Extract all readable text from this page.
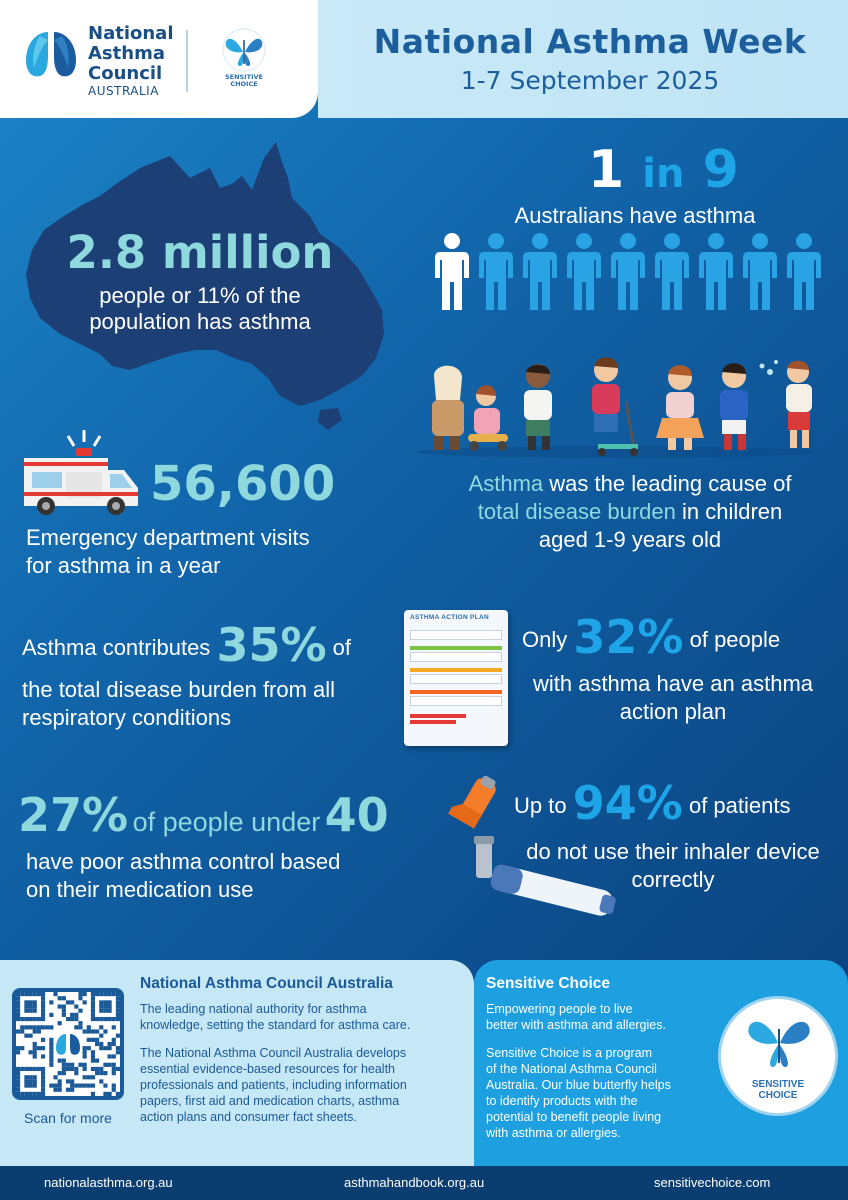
National
Asthma
Council
AUSTRALIA
SENSITIVE
CHOICE
National Asthma Week
1-7 September 2025
2.8 million
people or 11% of the
population has asthma
1 in 9
Australians have asthma
Asthma was the leading cause of
total disease burden in children
aged 1-9 years old
56,600
Emergency department visits
for asthma in a year
Asthma contributes 35% of
the total disease burden from all
respiratory conditions
ASTHMA ACTION PLAN
Only 32% of people
with asthma have an asthma
action plan
27% of people under 40
have poor asthma control based
on their medication use
Up to 94% of patients
do not use their inhaler device
correctly
Scan for more
National Asthma Council Australia
The leading national authority for asthma
knowledge, setting the standard for asthma care.
The National Asthma Council Australia develops
essential evidence-based resources for health
professionals and patients, including information
papers, first aid and medication charts, asthma
action plans and consumer fact sheets.
Sensitive Choice
Empowering people to live
better with asthma and allergies.
Sensitive Choice is a program
of the National Asthma Council
Australia. Our blue butterfly helps
to identify products with the
potential to benefit people living
with asthma or allergies.
SENSITIVE
CHOICE
nationalasthma.org.au	asthmahandbook.org.au	sensitivechoice.com
